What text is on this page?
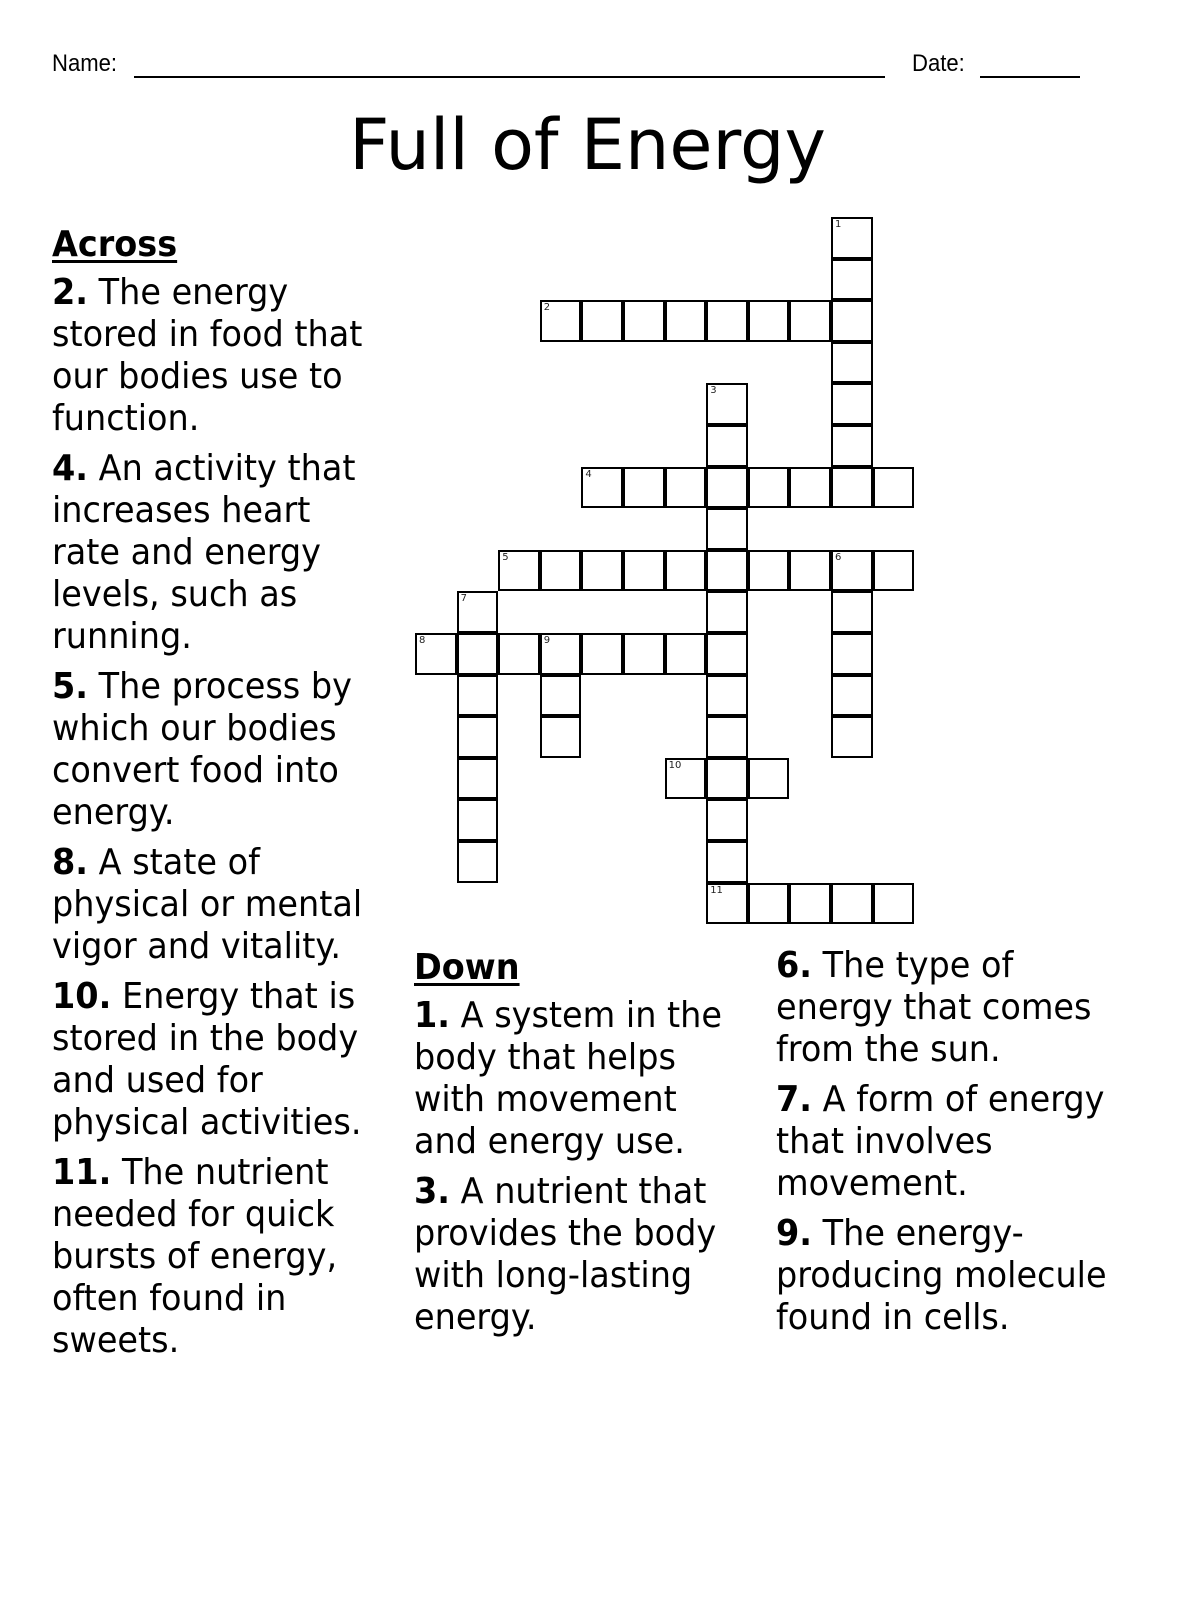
Name:	Date:
Full of Energy
1
2
3
11
4
5	6
7
8	9
10
Across
2. The energy stored in food that our bodies use to function.
4. An activity that increases heart rate and energy levels, such as running.
5. The process by which our bodies convert food into energy.
8. A state of physical or mental vigor and vitality.
10. Energy that is stored in the body and used for physical activities.
11. The nutrient needed for quick bursts of energy, often found in sweets.
Down
1. A system in the body that helps with movement and energy use.
3. A nutrient that provides the body with long-lasting energy.
6. The type of energy that comes from the sun.
7. A form of energy that involves movement.
9. The energy-producing molecule found in cells.
